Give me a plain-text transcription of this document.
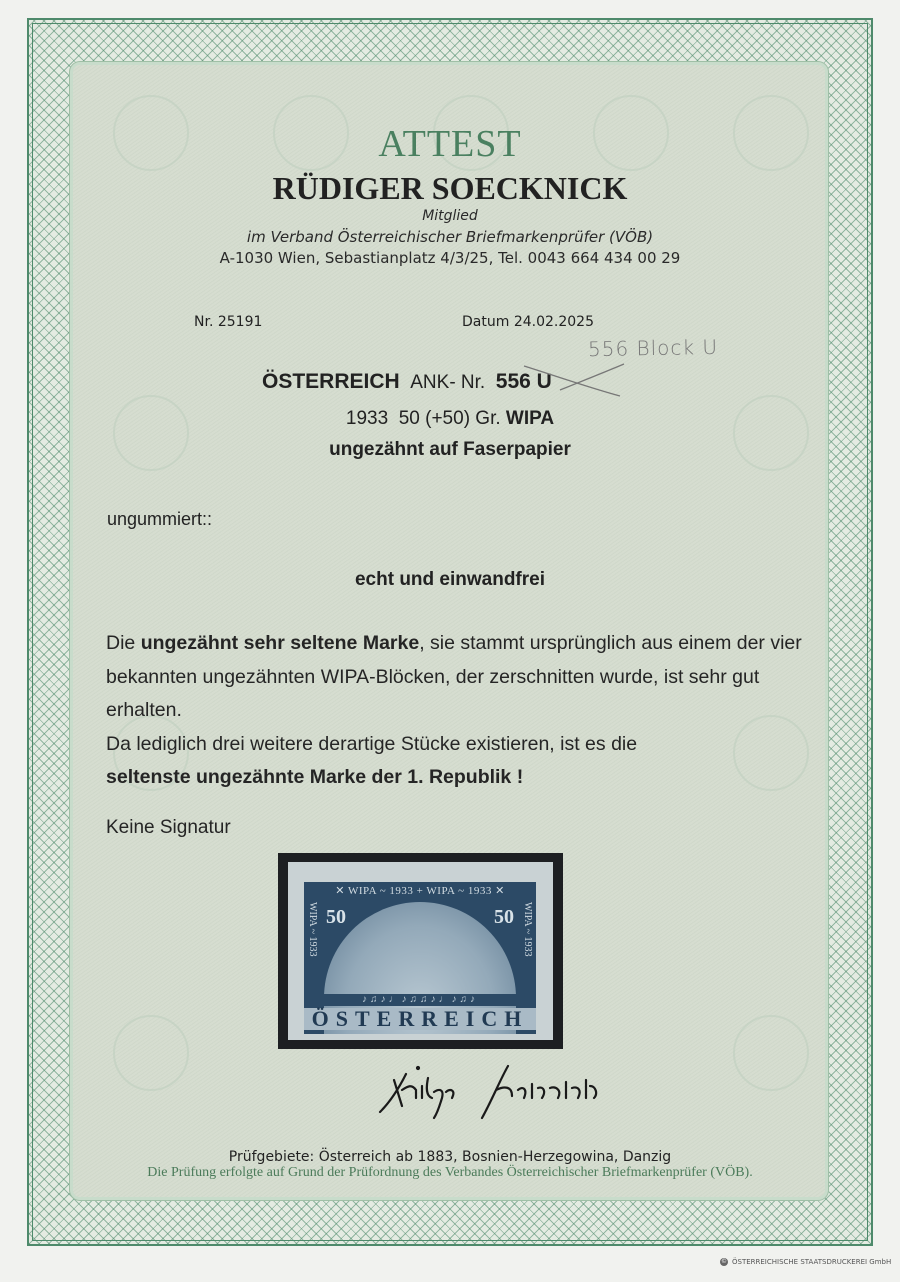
ATTEST
RÜDIGER SOECKNICK
Mitglied
im Verband Österreichischer Briefmarkenprüfer (VÖB)
A-1030 Wien, Sebastianplatz 4/3/25, Tel. 0043 664 434 00 29
Nr. 25191	Datum 24.02.2025
556 Block U
ÖSTERREICH ANK- Nr. 556 U
1933 50 (+50) Gr. WIPA
ungezähnt auf Faserpapier
ungummiert::
echt und einwandfrei
Die ungezähnt sehr seltene Marke, sie stammt ursprünglich aus einem der vier bekannten ungezähnten WIPA-Blöcken, der zerschnitten wurde, ist sehr gut erhalten.
Da lediglich drei weitere derartige Stücke existieren, ist es die
seltenste ungezähnte Marke der 1. Republik !
Keine Signatur
✕ WIPA ~ 1933 + WIPA ~ 1933 ✕
WIPA ~ 1933	WIPA ~ 1933
50	50
♪♫♪♩♪♫♫♪♩♪♫♪
ÖSTERREICH
Prüfgebiete: Österreich ab 1883, Bosnien-Herzegowina, Danzig
Die Prüfung erfolgte auf Grund der Prüfordnung des Verbandes Österreichischer Briefmarkenprüfer (VÖB).
© ÖSTERREICHISCHE STAATSDRUCKEREI GmbH
